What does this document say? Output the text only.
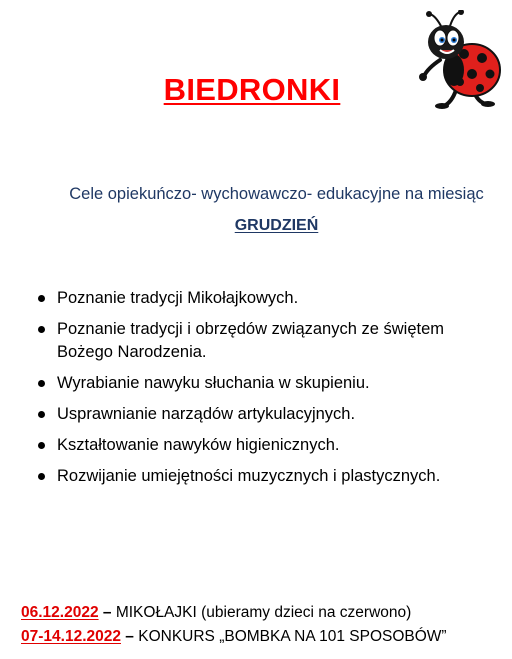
BIEDRONKI
Cele opiekuńczo- wychowawczo- edukacyjne na miesiąc
GRUDZIEŃ
Poznanie tradycji Mikołajkowych.
Poznanie tradycji i obrzędów związanych ze świętem Bożego Narodzenia.
Wyrabianie nawyku słuchania w skupieniu.
Usprawnianie narządów artykulacyjnych.
Kształtowanie nawyków higienicznych.
Rozwijanie umiejętności muzycznych i plastycznych.
06.12.2022 – MIKOŁAJKI (ubieramy dzieci na czerwono)
07-14.12.2022 – KONKURS „BOMBKA NA 101 SPOSOBÓW”
